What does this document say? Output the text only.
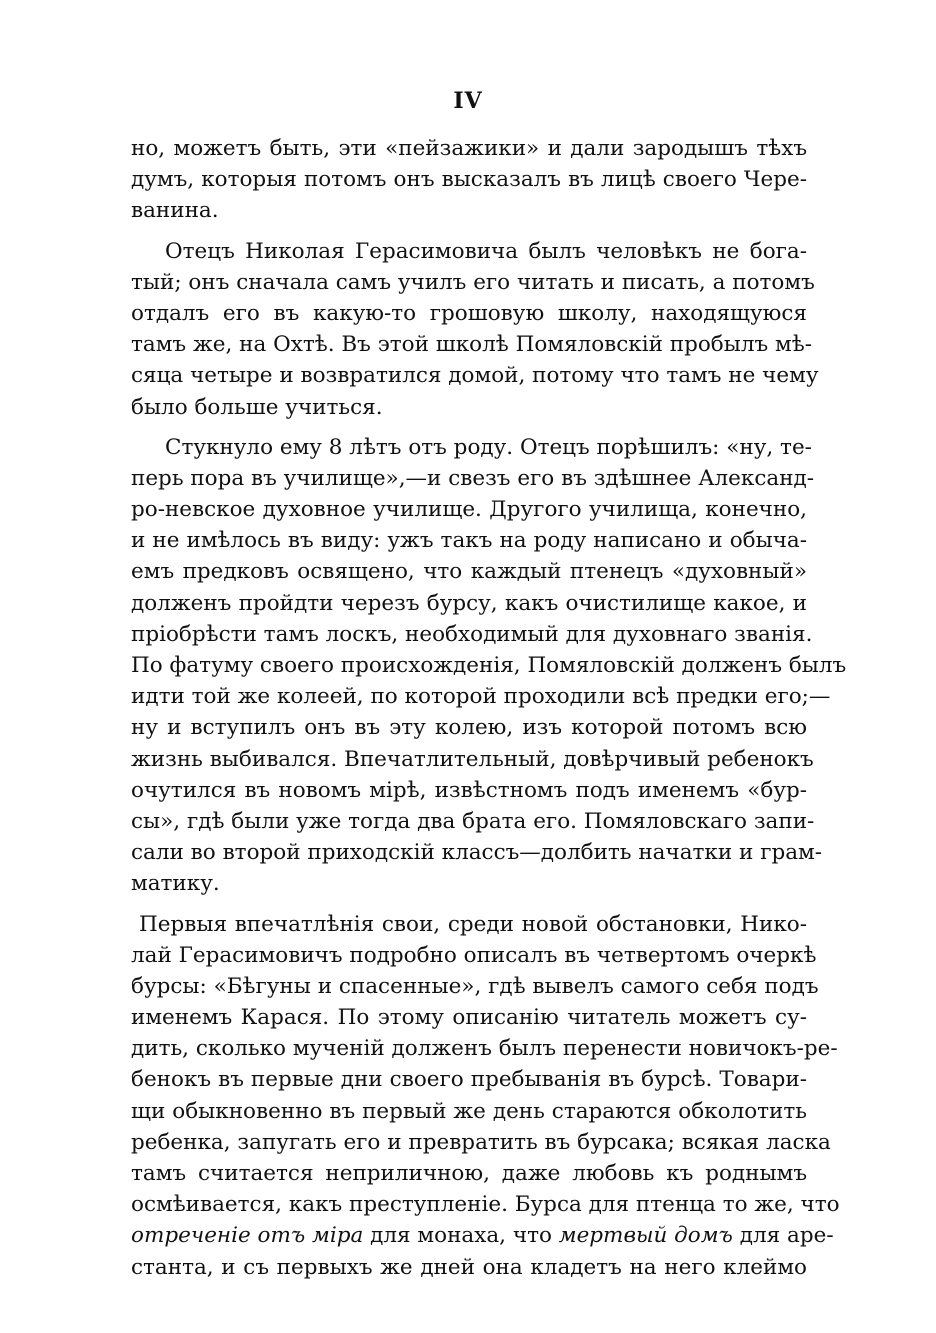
IV
но, можетъ быть, эти «пейзажики» и дали зародышъ тѣхъ
думъ, которыя потомъ онъ высказалъ въ лицѣ своего Чере-
ванина.
Отецъ Николая Герасимовича былъ человѣкъ не бога-
тый; онъ сначала самъ училъ его читать и писать, а потомъ
отдалъ его въ какую-то грошовую школу, находящуюся
тамъ же, на Охтѣ. Въ этой школѣ Помяловскій пробылъ мѣ-
сяца четыре и возвратился домой, потому что тамъ не чему
было больше учиться.
Стукнуло ему 8 лѣтъ отъ роду. Отецъ порѣшилъ: «ну, те-
перь пора въ училище»,—и свезъ его въ здѣшнее Александ-
ро-невское духовное училище. Другого училища, конечно,
и не имѣлось въ виду: ужъ такъ на роду написано и обыча-
емъ предковъ освящено, что каждый птенецъ «духовный»
долженъ пройдти черезъ бурсу, какъ очистилище какое, и
пріобрѣсти тамъ лоскъ, необходимый для духовнаго званія.
По фатуму своего происхожденія, Помяловскій долженъ былъ
идти той же колеей, по которой проходили всѣ предки его;—
ну и вступилъ онъ въ эту колею, изъ которой потомъ всю
жизнь выбивался. Впечатлительный, довѣрчивый ребенокъ
очутился въ новомъ мірѣ, извѣстномъ подъ именемъ «бур-
сы», гдѣ были уже тогда два брата его. Помяловскаго запи-
сали во второй приходскій классъ—долбить начатки и грам-
матику.
Первыя впечатлѣнія свои, среди новой обстановки, Нико-
лай Герасимовичъ подробно описалъ въ четвертомъ очеркѣ
бурсы: «Бѣгуны и спасенные», гдѣ вывелъ самого себя подъ
именемъ Карася. По этому описанію читатель можетъ су-
дить, сколько мученій долженъ былъ перенести новичокъ-ре-
бенокъ въ первые дни своего пребыванія въ бурсѣ. Товари-
щи обыкновенно въ первый же день стараются обколотить
ребенка, запугать его и превратить въ бурсака; всякая ласка
тамъ считается неприличною, даже любовь къ роднымъ
осмѣивается, какъ преступленіе. Бурса для птенца то же, что
отреченіе отъ міра для монаха, что мертвый домъ для аре-
станта, и съ первыхъ же дней она кладетъ на него клеймо
